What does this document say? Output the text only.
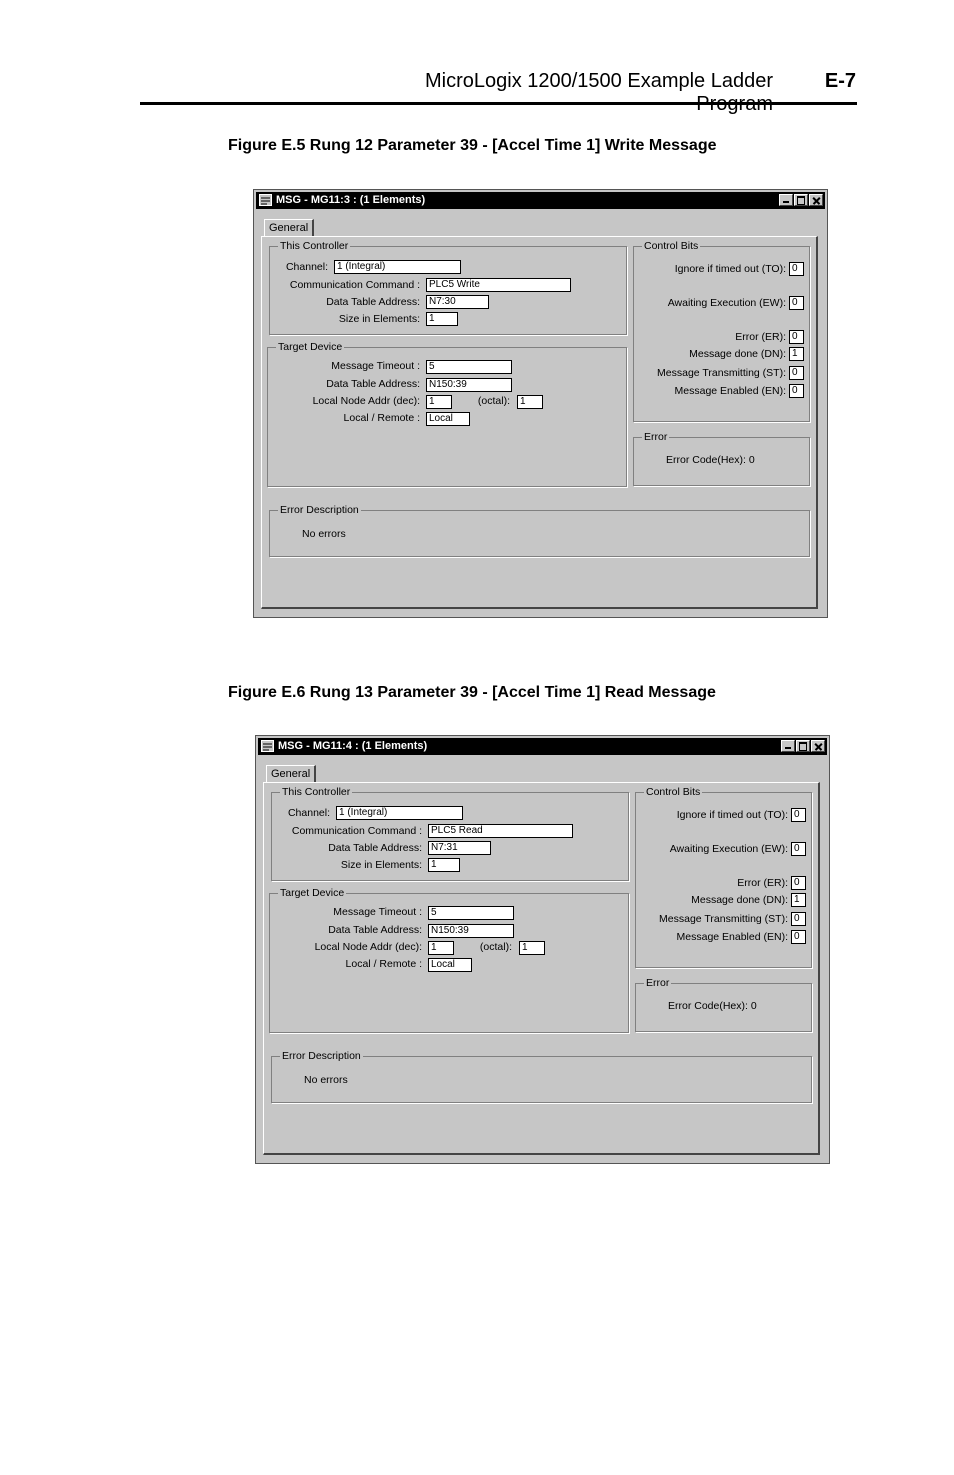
MicroLogix 1200/1500 Example Ladder	E-7
Figure E.5 Rung 12 Parameter 39 - [Accel Time 1] Write Message
Figure E.6 Rung 13 Parameter 39 - [Accel Time 1] Read Message
MSG - MG11:3 : (1 Elements)
General
This Controller
Channel: 1 (Integral)
Communication Command : PLC5 Write
Data Table Address: N7:30
Size in Elements: 1
Target Device
Message Timeout : 5
Data Table Address: N150:39
Local Node Addr (dec): 1	(octal):	1
Local / Remote : Local
Control Bits
Ignore if timed out (TO): 0
Awaiting Execution (EW): 0
Error (ER): 0
Message done (DN): 1
Message Transmitting (ST): 0
Message Enabled (EN): 0
Error
Error Code(Hex): 0
Error Description
No errors
MSG - MG11:4 : (1 Elements)
General
This Controller
Channel: 1 (Integral)
Communication Command : PLC5 Read
Data Table Address: N7:31
Size in Elements: 1
Target Device
Message Timeout : 5
Data Table Address: N150:39
Local Node Addr (dec): 1	(octal):	1
Local / Remote : Local
Control Bits
Ignore if timed out (TO): 0
Awaiting Execution (EW): 0
Error (ER): 0
Message done (DN): 1
Message Transmitting (ST): 0
Message Enabled (EN): 0
Error
Error Code(Hex): 0
Error Description
No errors
